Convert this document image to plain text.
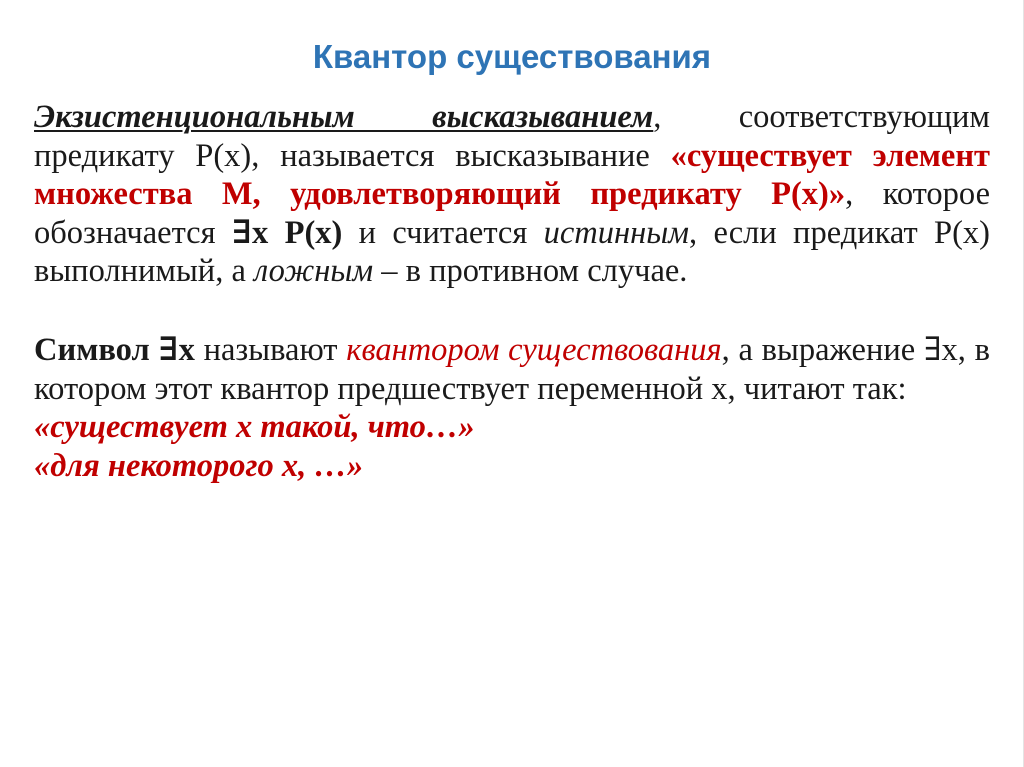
Квантор существования

Экзистенциональным высказыванием, соответствующим предикату P(x), называется высказывание «существует элемент множества М, удовлетворяющий предикату P(x)», которое обозначается ∃x P(x) и считается истинным, если предикат P(x) выполнимый, а ложным – в противном случае.

Символ ∃x называют квантором существования, а выражение ∃x, в котором этот квантор предшествует переменной x, читают так:

«существует x такой, что…»

«для некоторого x, …»
